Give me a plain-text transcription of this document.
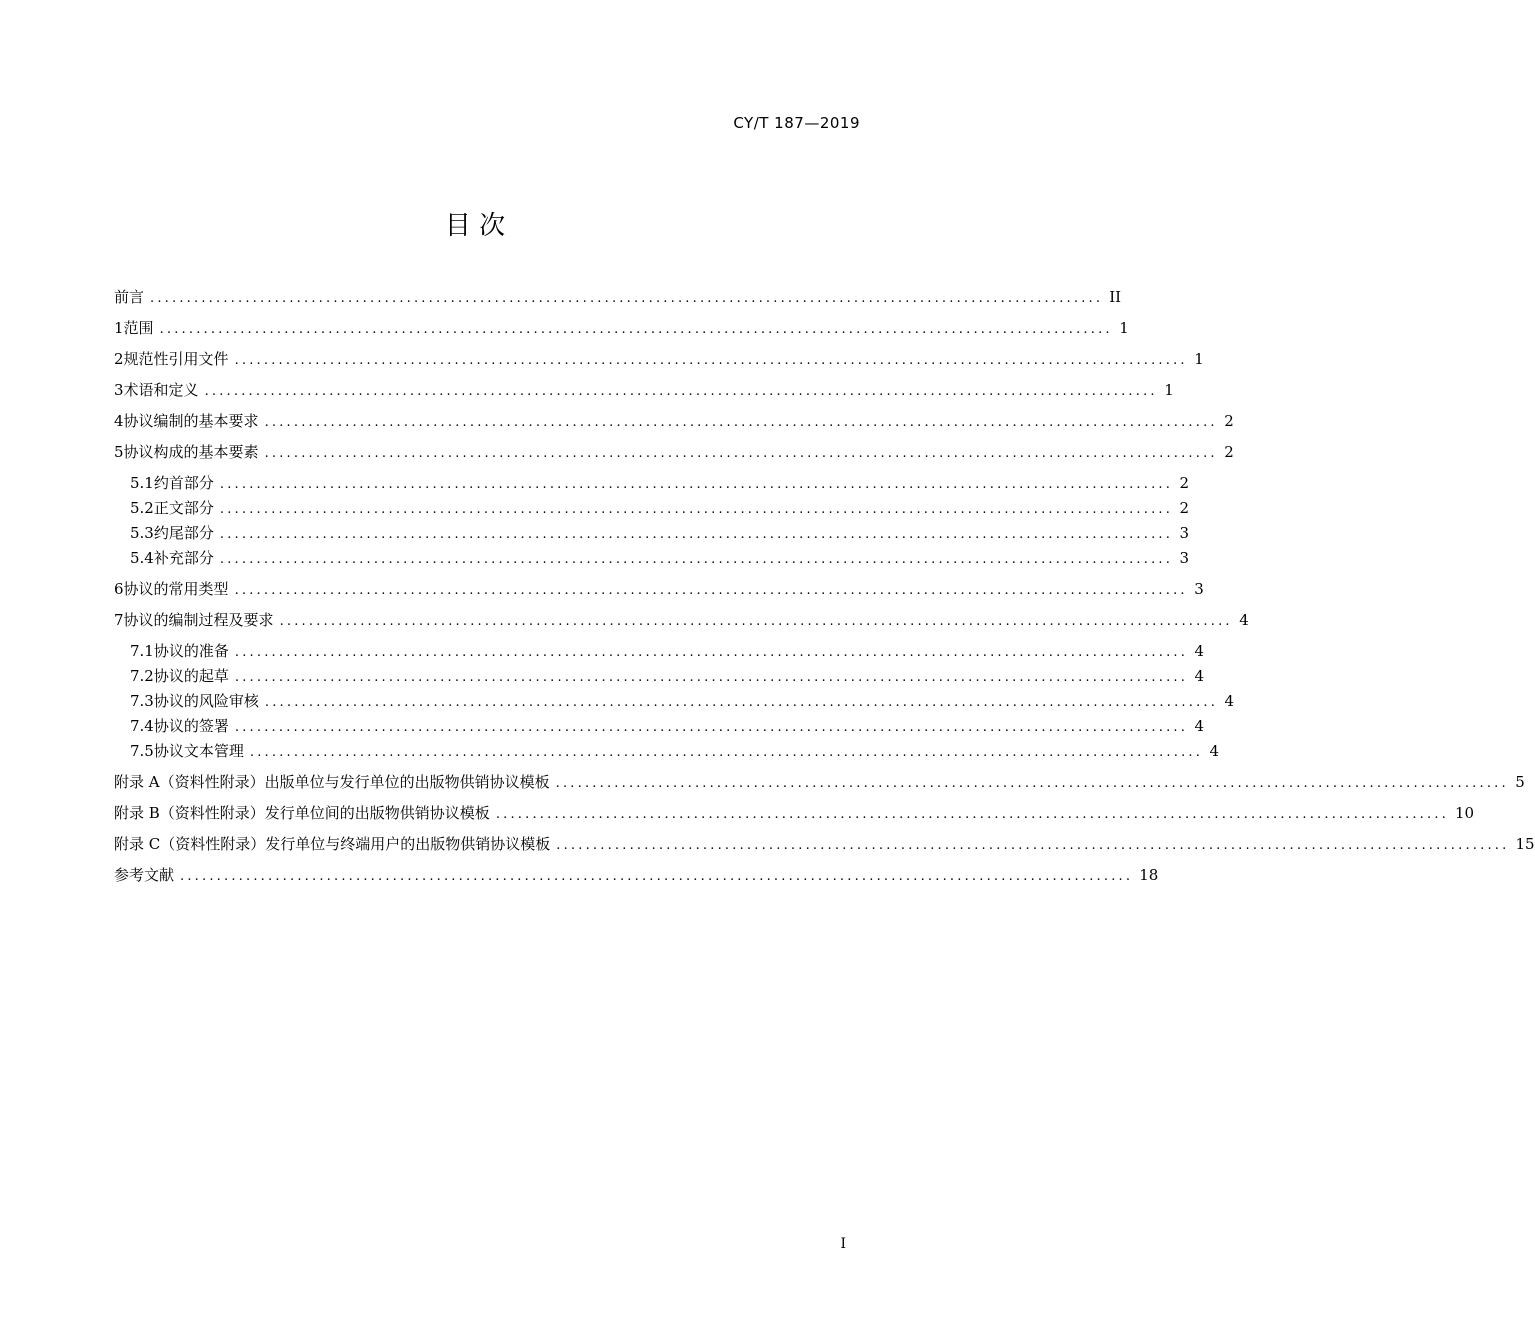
CY/T 187—2019
目 次
前言 .................................................................................................................................. II
1 范围 .................................................................................................................................. 1
2 规范性引用文件 .................................................................................................................................. 1
3 术语和定义 .................................................................................................................................. 1
4 协议编制的基本要求 .................................................................................................................................. 2
5 协议构成的基本要素 .................................................................................................................................. 2
5.1 约首部分 .................................................................................................................................. 2
5.2 正文部分 .................................................................................................................................. 2
5.3 约尾部分 .................................................................................................................................. 3
5.4 补充部分 .................................................................................................................................. 3
6 协议的常用类型 .................................................................................................................................. 3
7 协议的编制过程及要求 .................................................................................................................................. 4
7.1 协议的准备 .................................................................................................................................. 4
7.2 协议的起草 .................................................................................................................................. 4
7.3 协议的风险审核 .................................................................................................................................. 4
7.4 协议的签署 .................................................................................................................................. 4
7.5 协议文本管理 .................................................................................................................................. 4
附录 A（资料性附录） 出版单位与发行单位的出版物供销协议模板 .................................................................................................................................. 5
附录 B（资料性附录） 发行单位间的出版物供销协议模板 .................................................................................................................................. 10
附录 C（资料性附录） 发行单位与终端用户的出版物供销协议模板 .................................................................................................................................. 15
参考文献 .................................................................................................................................. 18
I
